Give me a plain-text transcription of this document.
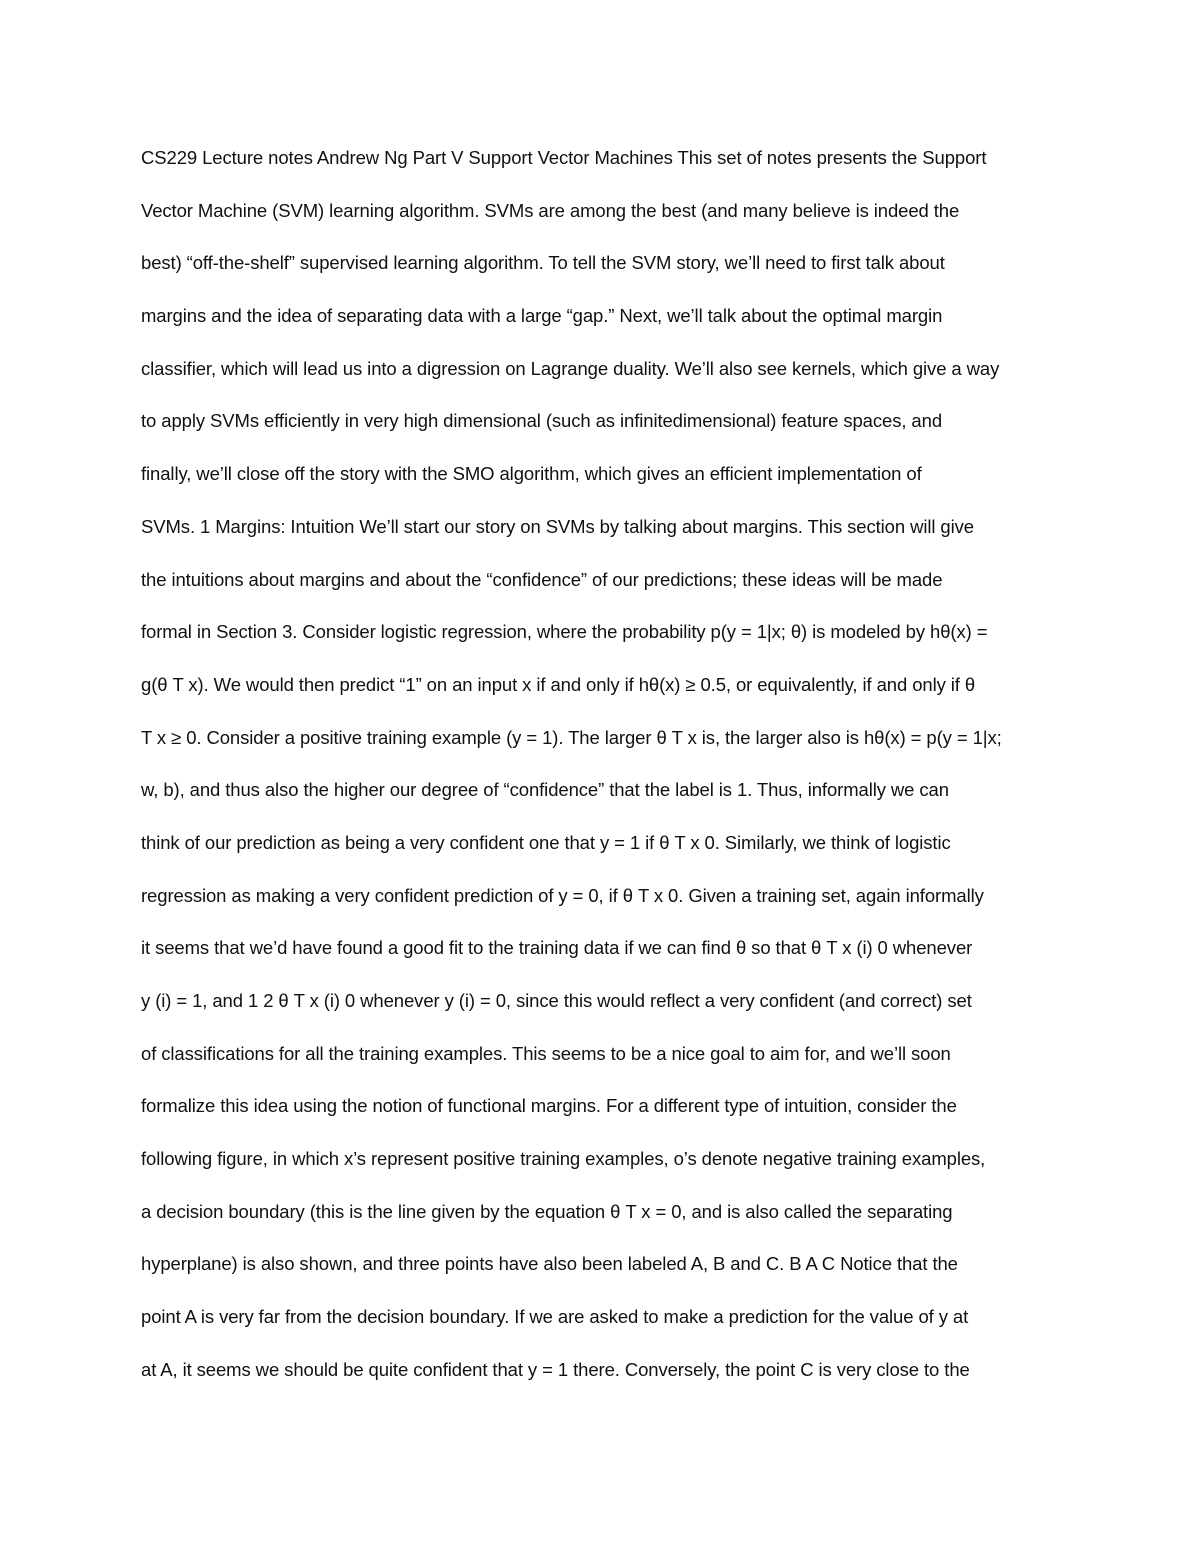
CS229 Lecture notes Andrew Ng Part V Support Vector Machines This set of notes presents the Support
Vector Machine (SVM) learning algorithm. SVMs are among the best (and many believe is indeed the
best) “off-the-shelf” supervised learning algorithm. To tell the SVM story, we’ll need to first talk about
margins and the idea of separating data with a large “gap.” Next, we’ll talk about the optimal margin
classifier, which will lead us into a digression on Lagrange duality. We’ll also see kernels, which give a way
to apply SVMs efficiently in very high dimensional (such as infinitedimensional) feature spaces, and
finally, we’ll close off the story with the SMO algorithm, which gives an efficient implementation of
SVMs. 1 Margins: Intuition We’ll start our story on SVMs by talking about margins. This section will give
the intuitions about margins and about the “confidence” of our predictions; these ideas will be made
formal in Section 3. Consider logistic regression, where the probability p(y = 1|x; θ) is modeled by hθ(x) =
g(θ T x). We would then predict “1” on an input x if and only if hθ(x) ≥ 0.5, or equivalently, if and only if θ
T x ≥ 0. Consider a positive training example (y = 1). The larger θ T x is, the larger also is hθ(x) = p(y = 1|x;
w, b), and thus also the higher our degree of “confidence” that the label is 1. Thus, informally we can
think of our prediction as being a very confident one that y = 1 if θ T x 0. Similarly, we think of logistic
regression as making a very confident prediction of y = 0, if θ T x 0. Given a training set, again informally
it seems that we’d have found a good fit to the training data if we can find θ so that θ T x (i) 0 whenever
y (i) = 1, and 1 2 θ T x (i) 0 whenever y (i) = 0, since this would reflect a very confident (and correct) set
of classifications for all the training examples. This seems to be a nice goal to aim for, and we’ll soon
formalize this idea using the notion of functional margins. For a different type of intuition, consider the
following figure, in which x’s represent positive training examples, o’s denote negative training examples,
a decision boundary (this is the line given by the equation θ T x = 0, and is also called the separating
hyperplane) is also shown, and three points have also been labeled A, B and C. B A C Notice that the
point A is very far from the decision boundary. If we are asked to make a prediction for the value of y at
at A, it seems we should be quite confident that y = 1 there. Conversely, the point C is very close to the
